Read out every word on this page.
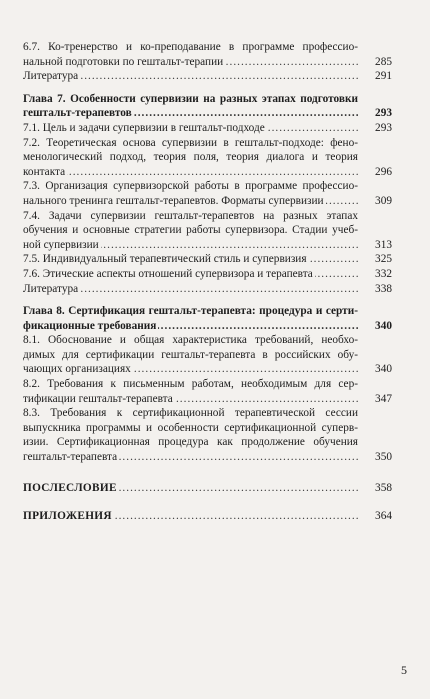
6.7. Ко-тренерство и ко-преподавание в программе профессио-
нальной подготовки по гештальт-терапии .....	285
Литература .....	291
Глава 7. Особенности супервизии на разных этапах подготовки
гештальт-терапевтов .....	293
7.1. Цель и задачи супервизии в гештальт-подходе .....	293
7.2. Теоретическая основа супервизии в гештальт-подходе: фено-
менологический подход, теория поля, теория диалога и теория
контакта .....	296
7.3. Организация супервизорской работы в программе профессио-
нального тренинга гештальт-терапевтов. Форматы супервизии .....	309
7.4. Задачи супервизии гештальт-терапевтов на разных этапах
обучения и основные стратегии работы супервизора. Стадии учеб-
ной супервизии .....	313
7.5. Индивидуальный терапевтический стиль и супервизия .....	325
7.6. Этические аспекты отношений супервизора и терапевта .....	332
Литература .....	338
Глава 8. Сертификация гештальт-терапевта: процедура и серти-
фикационные требования .....	340
8.1. Обоснование и общая характеристика требований, необхо-
димых для сертификации гештальт-терапевта в российских обу-
чающих организациях .....	340
8.2. Требования к письменным работам, необходимым для сер-
тификации гештальт-терапевта .....	347
8.3. Требования к сертификационной терапевтической сессии
выпускника программы и особенности сертификационной суперв-
изии. Сертификационная процедура как продолжение обучения
гештальт-терапевта .....	350
ПОСЛЕСЛОВИЕ .....	358
ПРИЛОЖЕНИЯ .....	364
5
